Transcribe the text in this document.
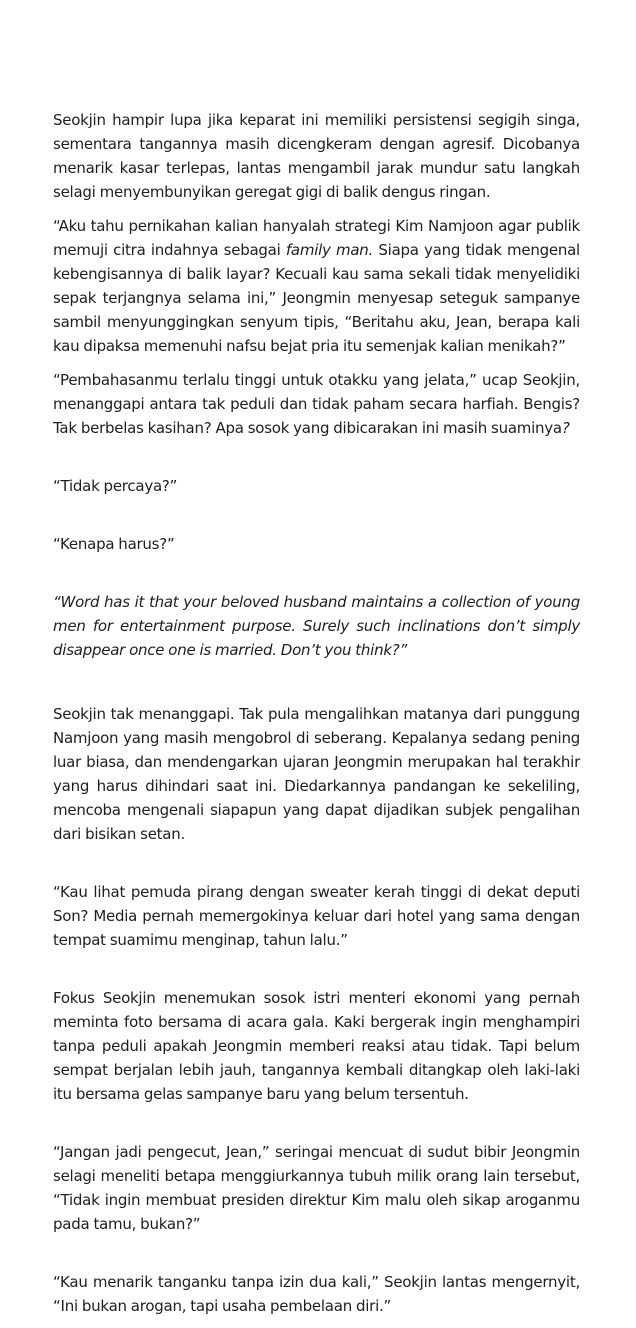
Seokjin hampir lupa jika keparat ini memiliki persistensi segigih singa, sementara tangannya masih dicengkeram dengan agresif. Dicobanya menarik kasar terlepas, lantas mengambil jarak mundur satu langkah selagi menyembunyikan geregat gigi di balik dengus ringan.

“Aku tahu pernikahan kalian hanyalah strategi Kim Namjoon agar publik memuji citra indahnya sebagai family man. Siapa yang tidak mengenal kebengisannya di balik layar? Kecuali kau sama sekali tidak menyelidiki sepak terjangnya selama ini,” Jeongmin menyesap seteguk sampanye sambil menyunggingkan senyum tipis, “Beritahu aku, Jean, berapa kali kau dipaksa memenuhi nafsu bejat pria itu semenjak kalian menikah?”

“Pembahasanmu terlalu tinggi untuk otakku yang jelata,” ucap Seokjin, menanggapi antara tak peduli dan tidak paham secara harfiah. Bengis? Tak berbelas kasihan? Apa sosok yang dibicarakan ini masih suaminya?

“Tidak percaya?”

“Kenapa harus?”

“Word has it that your beloved husband maintains a collection of young men for entertainment purpose. Surely such inclinations don’t simply disappear once one is married. Don’t you think?”

Seokjin tak menanggapi. Tak pula mengalihkan matanya dari punggung Namjoon yang masih mengobrol di seberang. Kepalanya sedang pening luar biasa, dan mendengarkan ujaran Jeongmin merupakan hal terakhir yang harus dihindari saat ini. Diedarkannya pandangan ke sekeliling, mencoba mengenali siapapun yang dapat dijadikan subjek pengalihan dari bisikan setan.

“Kau lihat pemuda pirang dengan sweater kerah tinggi di dekat deputi Son? Media pernah memergokinya keluar dari hotel yang sama dengan tempat suamimu menginap, tahun lalu.”

Fokus Seokjin menemukan sosok istri menteri ekonomi yang pernah meminta foto bersama di acara gala. Kaki bergerak ingin menghampiri tanpa peduli apakah Jeongmin memberi reaksi atau tidak. Tapi belum sempat berjalan lebih jauh, tangannya kembali ditangkap oleh laki-laki itu bersama gelas sampanye baru yang belum tersentuh.

“Jangan jadi pengecut, Jean,” seringai mencuat di sudut bibir Jeongmin selagi meneliti betapa menggiurkannya tubuh milik orang lain tersebut, “Tidak ingin membuat presiden direktur Kim malu oleh sikap aroganmu pada tamu, bukan?”

“Kau menarik tanganku tanpa izin dua kali,” Seokjin lantas mengernyit, “Ini bukan arogan, tapi usaha pembelaan diri.”
